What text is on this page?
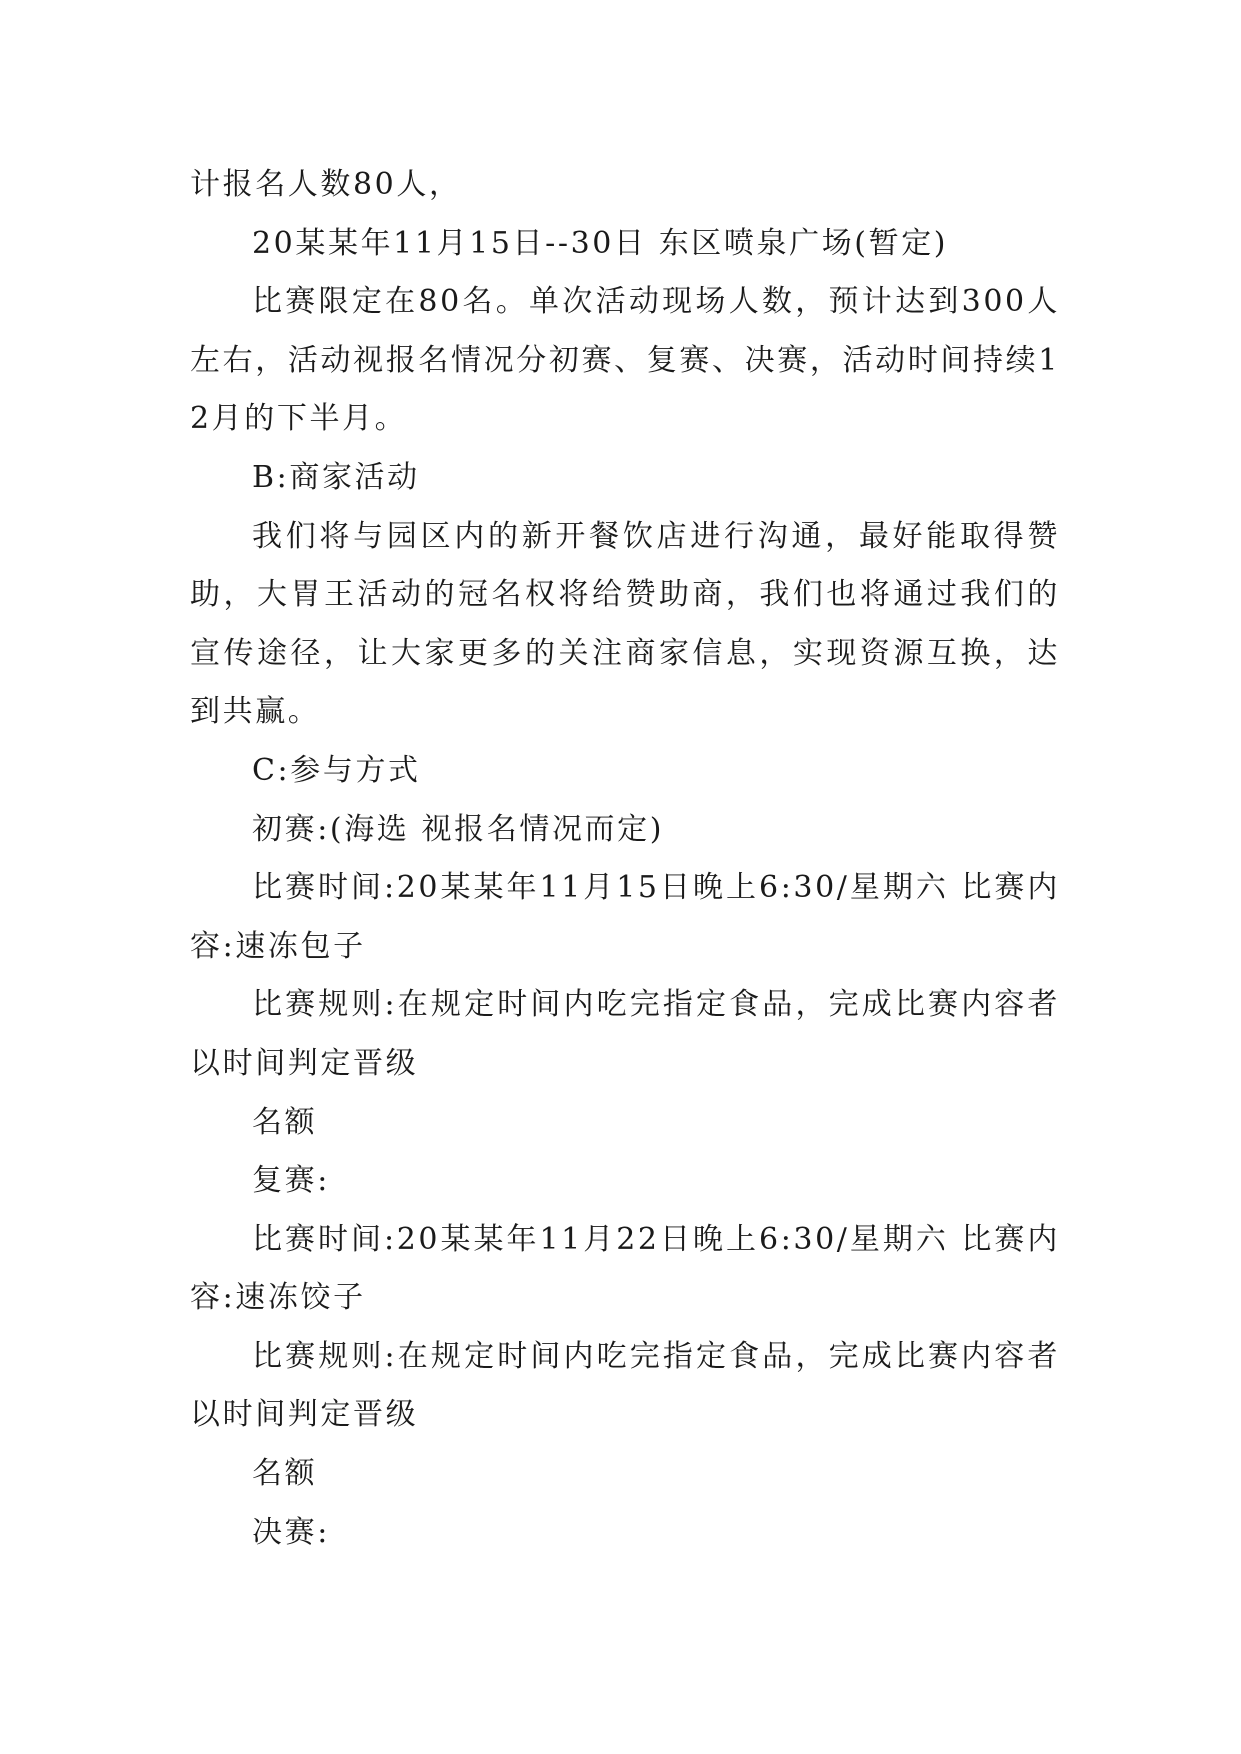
计报名人数80人，

20某某年11月15日--30日 东区喷泉广场(暂定)

比赛限定在80名。单次活动现场人数，预计达到300人左右，活动视报名情况分初赛、复赛、决赛，活动时间持续12月的下半月。

B:商家活动

我们将与园区内的新开餐饮店进行沟通，最好能取得赞助，大胃王活动的冠名权将给赞助商，我们也将通过我们的宣传途径，让大家更多的关注商家信息，实现资源互换，达到共赢。

C:参与方式

初赛:(海选 视报名情况而定)

比赛时间:20某某年11月15日晚上6:30/星期六 比赛内容:速冻包子

比赛规则:在规定时间内吃完指定食品，完成比赛内容者以时间判定晋级

名额

复赛:

比赛时间:20某某年11月22日晚上6:30/星期六 比赛内容:速冻饺子

比赛规则:在规定时间内吃完指定食品，完成比赛内容者以时间判定晋级

名额

决赛:
